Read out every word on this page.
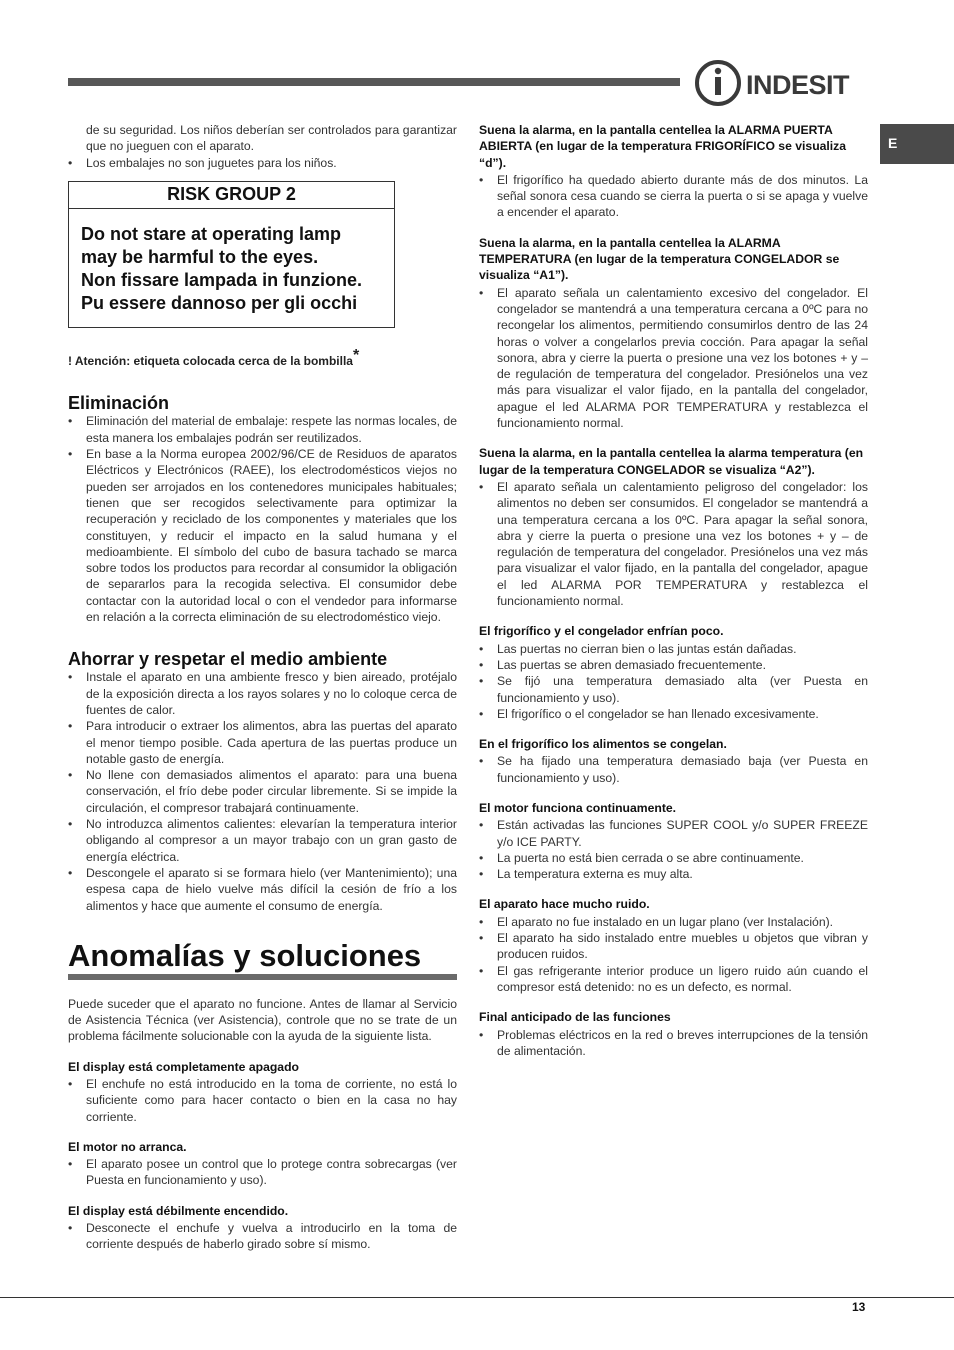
INDESIT
E

de su seguridad. Los niños deberían ser controlados para garantizar que no jueguen con el aparato.

• Los embalajes no son juguetes para los niños.
RISK GROUP 2
Do not stare at operating lamp
may be harmful to the eyes.
Non fissare lampada in funzione.
Pu essere dannoso per gli occhi
! Atención: etiqueta colocada cerca de la bombilla*
Eliminación
• Eliminación del material de embalaje: respete las normas locales, de esta manera los embalajes podrán ser reutilizados.
• En base a la Norma europea 2002/96/CE de Residuos de aparatos Eléctricos y Electrónicos (RAEE), los electrodomésticos viejos no pueden ser arrojados en los contenedores municipales habituales; tienen que ser recogidos selectivamente para optimizar la recuperación y reciclado de los componentes y materiales que los constituyen, y reducir el impacto en la salud humana y el medioambiente. El símbolo del cubo de basura tachado se marca sobre todos los productos para recordar al consumidor la obligación de separarlos para la recogida selectiva. El consumidor debe contactar con la autoridad local o con el vendedor para informarse en relación a la correcta eliminación de su electrodoméstico viejo.
Ahorrar y respetar el medio ambiente
• Instale el aparato en una ambiente fresco y bien aireado, protéjalo de la exposición directa a los rayos solares y no lo coloque cerca de fuentes de calor.
• Para introducir o extraer los alimentos, abra las puertas del aparato el menor tiempo posible. Cada apertura de las puertas produce un notable gasto de energía.
• No llene con demasiados alimentos el aparato: para una buena conservación, el frío debe poder circular libremente. Si se impide la circulación, el compresor trabajará continuamente.
• No introduzca alimentos calientes: elevarían la temperatura interior obligando al compresor a un mayor trabajo con un gran gasto de energía eléctrica.
• Descongele el aparato si se formara hielo (ver Mantenimiento); una espesa capa de hielo vuelve más difícil la cesión de frío a los alimentos y hace que aumente el consumo de energía.
Anomalías y soluciones

Puede suceder que el aparato no funcione. Antes de llamar al Servicio de Asistencia Técnica (ver Asistencia), controle que no se trate de un problema fácilmente solucionable con la ayuda de la siguiente lista.

El display está completamente apagado
• El enchufe no está introducido en la toma de corriente, no está lo suficiente como para hacer contacto o bien en la casa no hay corriente.
El motor no arranca.
• El aparato posee un control que lo protege contra sobrecargas (ver Puesta en funcionamiento y uso).
El display está débilmente encendido.
• Desconecte el enchufe y vuelva a introducirlo en la toma de corriente después de haberlo girado sobre sí mismo.
Suena la alarma, en la pantalla centellea la ALARMA PUERTA ABIERTA (en lugar de la temperatura FRIGORÍFICO se visualiza “d”).
• El frigorífico ha quedado abierto durante más de dos minutos. La señal sonora cesa cuando se cierra la puerta o si se apaga y vuelve a encender el aparato.
Suena la alarma, en la pantalla centellea la ALARMA TEMPERATURA (en lugar de la temperatura CONGELADOR se visualiza “A1”).
• El aparato señala un calentamiento excesivo del congelador. El congelador se mantendrá a una temperatura cercana a 0ºC para no recongelar los alimentos, permitiendo consumirlos dentro de las 24 horas o volver a congelarlos previa cocción. Para apagar la señal sonora, abra y cierre la puerta o presione una vez los botones + y – de regulación de temperatura del congelador. Presiónelos una vez más para visualizar el valor fijado, en la pantalla del congelador, apague el led ALARMA POR TEMPERATURA y restablezca el funcionamiento normal.
Suena la alarma, en la pantalla centellea la alarma temperatura (en lugar de la temperatura CONGELADOR se visualiza “A2”).
• El aparato señala un calentamiento peligroso del congelador: los alimentos no deben ser consumidos. El congelador se mantendrá a una temperatura cercana a los 0ºC. Para apagar la señal sonora, abra y cierre la puerta o presione una vez los botones + y – de regulación de temperatura del congelador. Presiónelos una vez más para visualizar el valor fijado, en la pantalla del congelador, apague el led ALARMA POR TEMPERATURA y restablezca el funcionamiento normal.
El frigorífico y el congelador enfrían poco.
• Las puertas no cierran bien o las juntas están dañadas.
• Las puertas se abren demasiado frecuentemente.
• Se fijó una temperatura demasiado alta (ver Puesta en funcionamiento y uso).
• El frigorífico o el congelador se han llenado excesivamente.
En el frigorífico los alimentos se congelan.
• Se ha fijado una temperatura demasiado baja (ver Puesta en funcionamiento y uso).
El motor funciona continuamente.
• Están activadas las funciones SUPER COOL y/o SUPER FREEZE y/o ICE PARTY.
• La puerta no está bien cerrada o se abre continuamente.
• La temperatura externa es muy alta.
El aparato hace mucho ruido.
• El aparato no fue instalado en un lugar plano (ver Instalación).
• El aparato ha sido instalado entre muebles u objetos que vibran y producen ruidos.
• El gas refrigerante interior produce un ligero ruido aún cuando el compresor está detenido: no es un defecto, es normal.
Final anticipado de las funciones
• Problemas eléctricos en la red o breves interrupciones de la tensión de alimentación.
13
